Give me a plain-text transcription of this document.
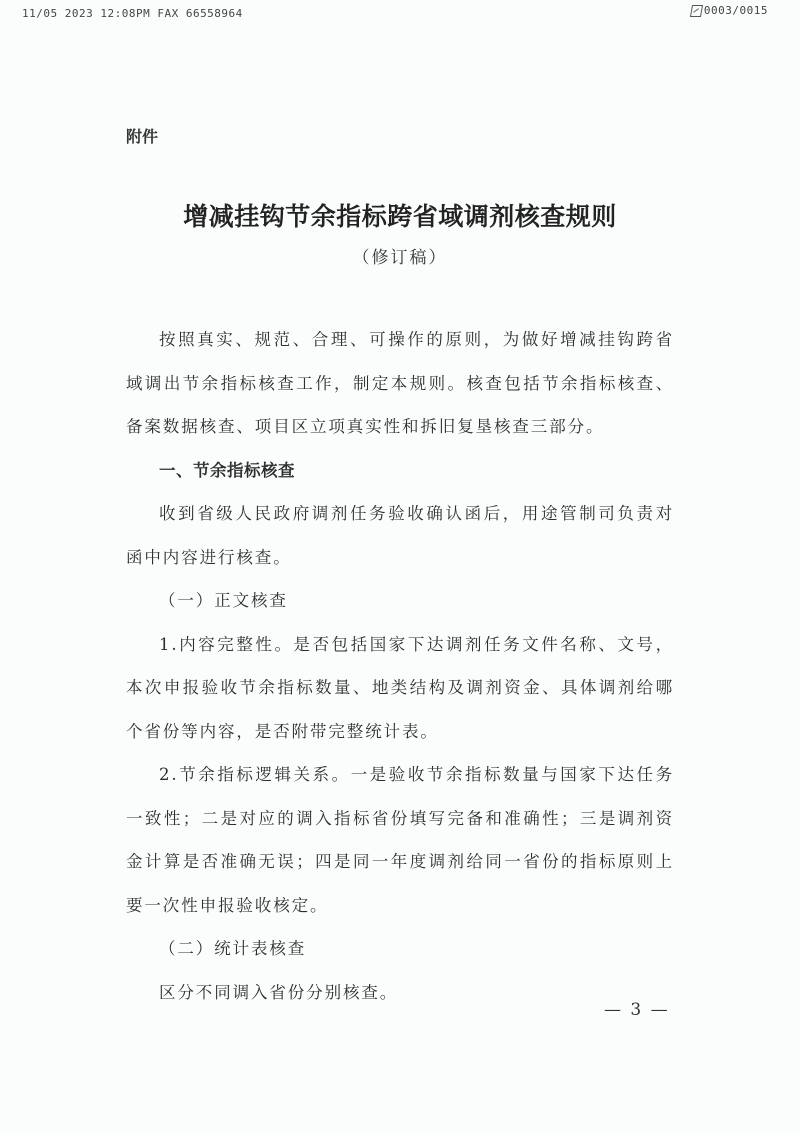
11/05 2023 12:08PM FAX 66558964	0003/0015
附件
增减挂钩节余指标跨省域调剂核查规则
（修订稿）

按照真实、规范、合理、可操作的原则，为做好增减挂钩跨省域调出节余指标核查工作，制定本规则。核查包括节余指标核查、备案数据核查、项目区立项真实性和拆旧复垦核查三部分。

一、节余指标核查

收到省级人民政府调剂任务验收确认函后，用途管制司负责对函中内容进行核查。

（一）正文核查

1.内容完整性。是否包括国家下达调剂任务文件名称、文号，本次申报验收节余指标数量、地类结构及调剂资金、具体调剂给哪个省份等内容，是否附带完整统计表。

2.节余指标逻辑关系。一是验收节余指标数量与国家下达任务一致性；二是对应的调入指标省份填写完备和准确性；三是调剂资金计算是否准确无误；四是同一年度调剂给同一省份的指标原则上要一次性申报验收核定。

（二）统计表核查

区分不同调入省份分别核查。

— 3 —
